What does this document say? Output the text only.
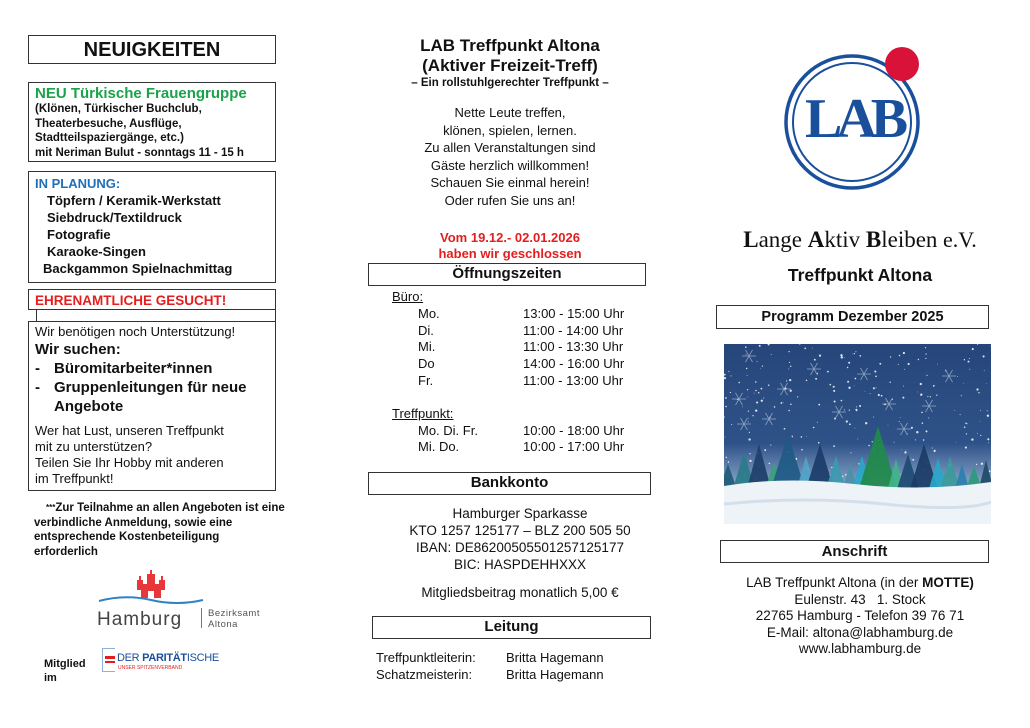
NEUIGKEITEN
NEU Türkische Frauengruppe
(Klönen, Türkischer Buchclub,
Theaterbesuche, Ausflüge,
Stadtteilspaziergänge, etc.)
mit Neriman Bulut - sonntags 11 - 15 h
IN PLANUNG:
Töpfern / Keramik-Werkstatt
Siebdruck/Textildruck
Fotografie
Karaoke-Singen
Backgammon Spielnachmittag
EHRENAMTLICHE GESUCHT!
Wir benötigen noch Unterstützung!
Wir suchen:
- Büromitarbeiter*innen
- Gruppenleitungen für neue Angebote
Wer hat Lust, unseren Treffpunkt
mit zu unterstützen?
Teilen Sie Ihr Hobby mit anderen
im Treffpunkt!
***Zur Teilnahme an allen Angeboten ist eine
verbindliche Anmeldung, sowie eine
entsprechende Kostenbeteiligung
erforderlich
Hamburg	Bezirksamt
Altona
Mitglied
im
DER PARITÄTISCHE
UNSER SPITZENVERBAND
LAB Treffpunkt Altona
(Aktiver Freizeit-Treff)
– Ein rollstuhlgerechter Treffpunkt –
Nette Leute treffen,
klönen, spielen, lernen.
Zu allen Veranstaltungen sind
Gäste herzlich willkommen!
Schauen Sie einmal herein!
Oder rufen Sie uns an!
Vom 19.12.- 02.01.2026
haben wir geschlossen
Öffnungszeiten
Büro:
Mo.	13:00 - 15:00 Uhr
Di.	11:00 - 14:00 Uhr
Mi.	11:00 - 13:30 Uhr
Do	14:00 - 16:00 Uhr
Fr.	11:00 - 13:00 Uhr
Treffpunkt:
Mo. Di. Fr.	10:00 - 18:00 Uhr
Mi. Do.	10:00 - 17:00 Uhr
Bankkonto
Hamburger Sparkasse
KTO 1257 125177 – BLZ 200 505 50
IBAN: DE86200505501257125177
BIC: HASPDEHHXXX
Mitgliedsbeitrag monatlich 5,00 €
Leitung
Treffpunktleiterin:	Britta Hagemann
Schatzmeisterin:	Britta Hagemann
LAB
Lange Aktiv Bleiben e.V.
Treffpunkt Altona
Programm Dezember 2025
Anschrift
LAB Treffpunkt Altona (in der MOTTE)
Eulenstr. 43   1. Stock
22765 Hamburg - Telefon 39 76 71
E-Mail: altona@labhamburg.de
www.labhamburg.de
